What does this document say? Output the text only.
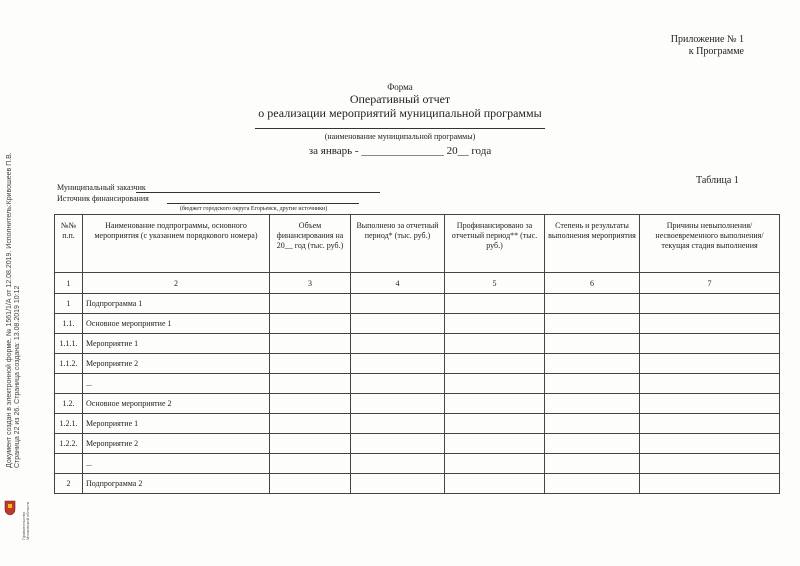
Документ создан в электронной форме. № 1561/1/А от 12.08.2019. Исполнитель:Кривошеев П.В. Страница 22 из 26. Страница создана: 13.08.2019 10:12
Правительство Московской области
Приложение № 1
к Программе
Форма
Оперативный отчет
о реализации мероприятий муниципальной программы
(наименование муниципальной программы)
за январь - _______________ 20__ года
Таблица 1
Муниципальный заказчик
Источник финансирования
(бюджет городского округа Егорьевск, другие источники)
№№ п.п.	Наименование подпрограммы, основного мероприятия (с указанием порядкового номера)	Объем финансирования на 20__ год (тыс. руб.)	Выполнено за отчетный период* (тыс. руб.)	Профинансировано за отчетный период** (тыс. руб.)	Степень и результаты выполнения мероприятия	Причины невыполнения/несвоевременного выполнения/текущая стадия выполнения
1	2	3	4	5	6	7
1	Подпрограмма 1					
1.1.	Основное мероприятие 1					
1.1.1.	Мероприятие 1					
1.1.2.	Мероприятие 2					
	...					
1.2.	Основное мероприятие 2					
1.2.1.	Мероприятие 1					
1.2.2.	Мероприятие 2					
	...					
2	Подпрограмма 2					
